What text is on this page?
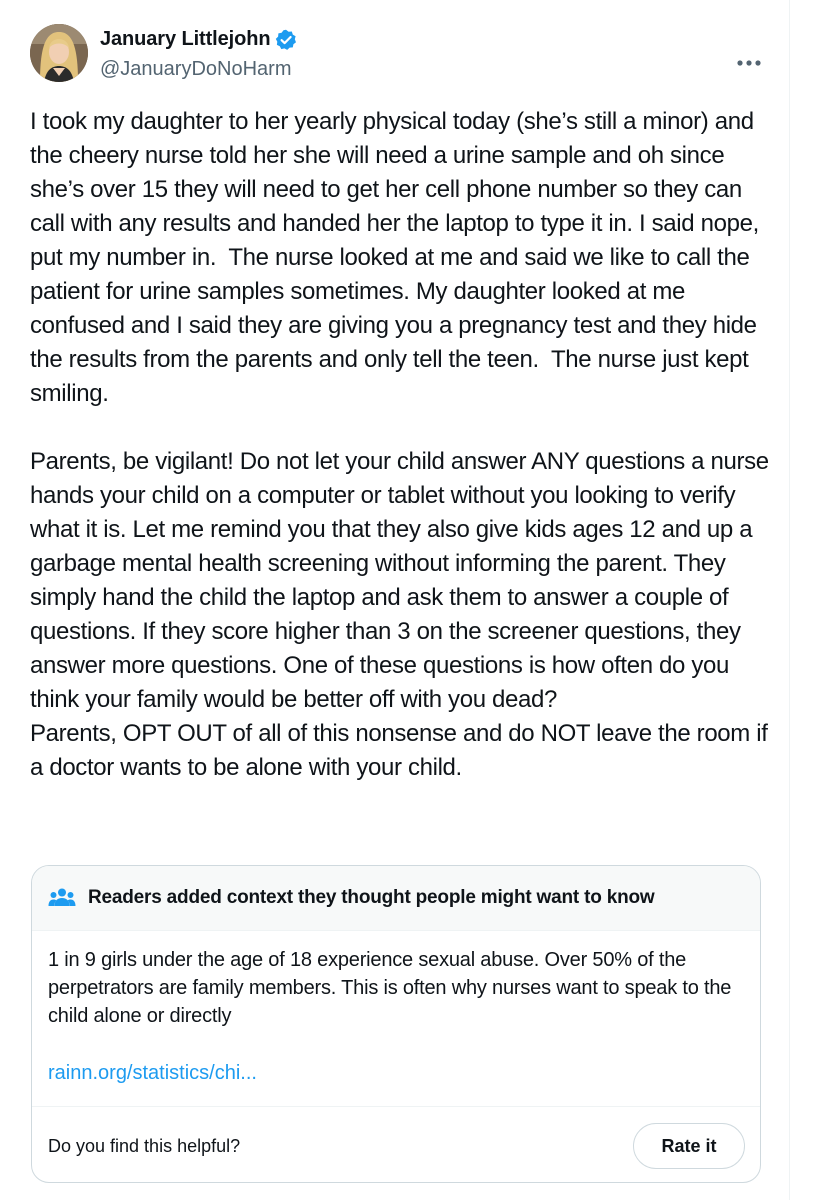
January Littlejohn
@JanuaryDoNoHarm
I took my daughter to her yearly physical today (she’s still a minor) and the cheery nurse told her she will need a urine sample and oh since she’s over 15 they will need to get her cell phone number so they can call with any results and handed her the laptop to type it in. I said nope, put my number in.  The nurse looked at me and said we like to call the patient for urine samples sometimes. My daughter looked at me confused and I said they are giving you a pregnancy test and they hide the results from the parents and only tell the teen.  The nurse just kept smiling.

Parents, be vigilant! Do not let your child answer ANY questions a nurse hands your child on a computer or tablet without you looking to verify what it is. Let me remind you that they also give kids ages 12 and up a garbage mental health screening without informing the parent. They simply hand the child the laptop and ask them to answer a couple of questions. If they score higher than 3 on the screener questions, they answer more questions. One of these questions is how often do you think your family would be better off with you dead?
Parents, OPT OUT of all of this nonsense and do NOT leave the room if a doctor wants to be alone with your child.
Readers added context they thought people might want to know
1 in 9 girls under the age of 18 experience sexual abuse. Over 50% of the perpetrators are family members. This is often why nurses want to speak to the child alone or directly
rainn.org/statistics/chi...
Do you find this helpful?	Rate it
